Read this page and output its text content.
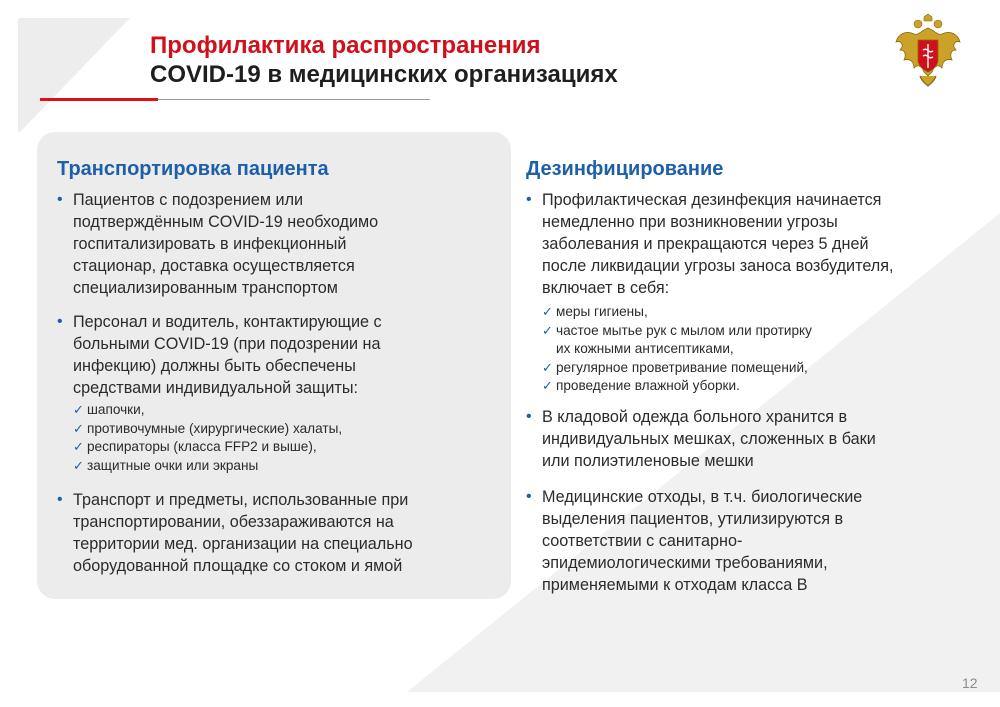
Профилактика распространения
COVID-19 в медицинских организациях
Транспортировка пациента
• Пациентов с подозрением или
подтверждённым COVID-19 необходимо
госпитализировать в инфекционный
стационар, доставка осуществляется
специализированным транспортом
• Персонал и водитель, контактирующие с
больными COVID-19 (при подозрении на
инфекцию) должны быть обеспечены
средствами индивидуальной защиты:
✓ шапочки,
✓ противочумные (хирургические) халаты,
✓ респираторы (класса FFP2 и выше),
✓ защитные очки или экраны
• Транспорт и предметы, использованные при
транспортировании, обеззараживаются на
территории мед. организации на специально
оборудованной площадке со стоком и ямой
Дезинфицирование
• Профилактическая дезинфекция начинается
немедленно при возникновении угрозы
заболевания и прекращаются через 5 дней
после ликвидации угрозы заноса возбудителя,
включает в себя:
✓ меры гигиены,
✓ частое мытье рук с мылом или протирку
их кожными антисептиками,
✓ регулярное проветривание помещений,
✓ проведение влажной уборки.
• В кладовой одежда больного хранится в
индивидуальных мешках, сложенных в баки
или полиэтиленовые мешки
• Медицинские отходы, в т.ч. биологические
выделения пациентов, утилизируются в
соответствии с санитарно-
эпидемиологическими требованиями,
применяемыми к отходам класса В
12
